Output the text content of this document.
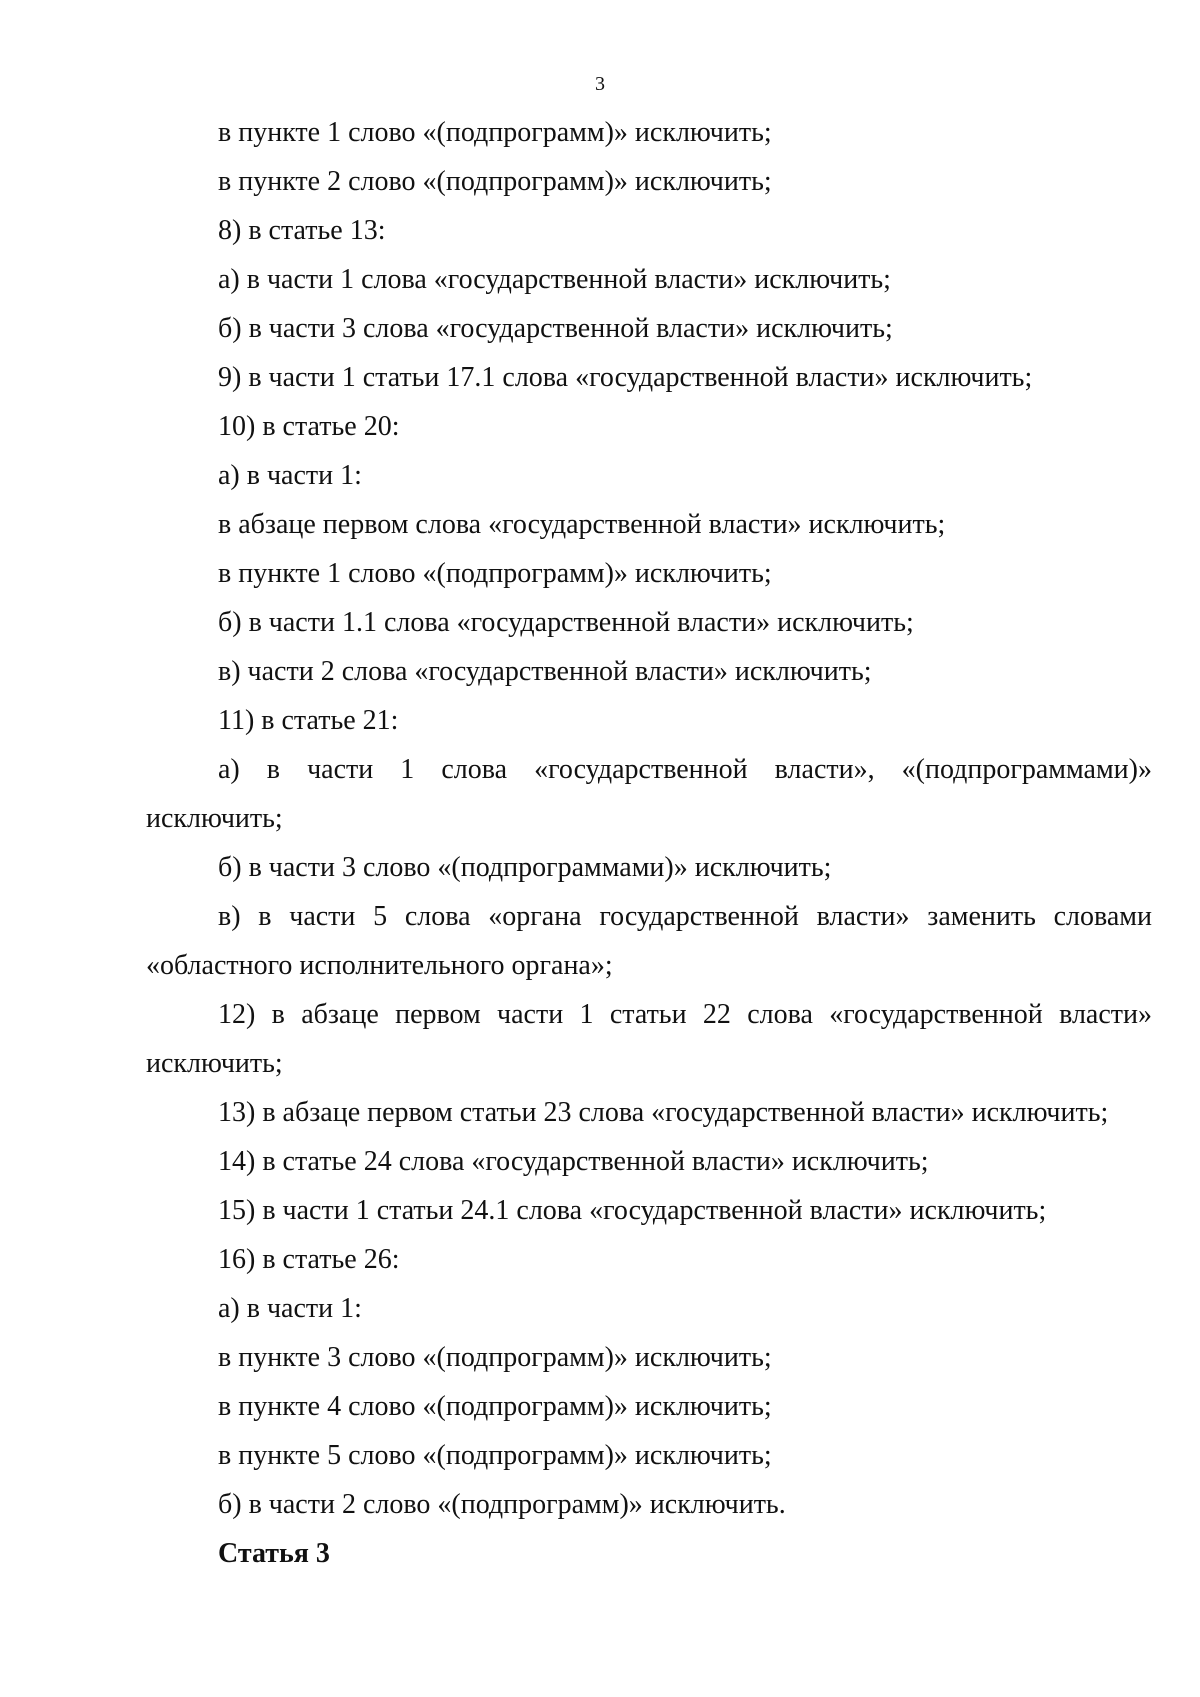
3

в пункте 1 слово «(подпрограмм)» исключить;

в пункте 2 слово «(подпрограмм)» исключить;

8) в статье 13:

а) в части 1 слова «государственной власти» исключить;

б) в части 3 слова «государственной власти» исключить;

9) в части 1 статьи 17.1 слова «государственной власти» исключить;

10) в статье 20:

а) в части 1:

в абзаце первом слова «государственной власти» исключить;

в пункте 1 слово «(подпрограмм)» исключить;

б) в части 1.1 слова «государственной власти» исключить;

в) части 2 слова «государственной власти» исключить;

11) в статье 21:

а) в части 1 слова «государственной власти», «(подпрограммами)» исключить;

б) в части 3 слово «(подпрограммами)» исключить;

в) в части 5 слова «органа государственной власти» заменить словами «областного исполнительного органа»;

12) в абзаце первом части 1 статьи 22 слова «государственной власти» исключить;

13) в абзаце первом статьи 23 слова «государственной власти» исключить;

14) в статье 24 слова «государственной власти» исключить;

15) в части 1 статьи 24.1 слова «государственной власти» исключить;

16) в статье 26:

а) в части 1:

в пункте 3 слово «(подпрограмм)» исключить;

в пункте 4 слово «(подпрограмм)» исключить;

в пункте 5 слово «(подпрограмм)» исключить;

б) в части 2 слово «(подпрограмм)» исключить.

Статья 3
